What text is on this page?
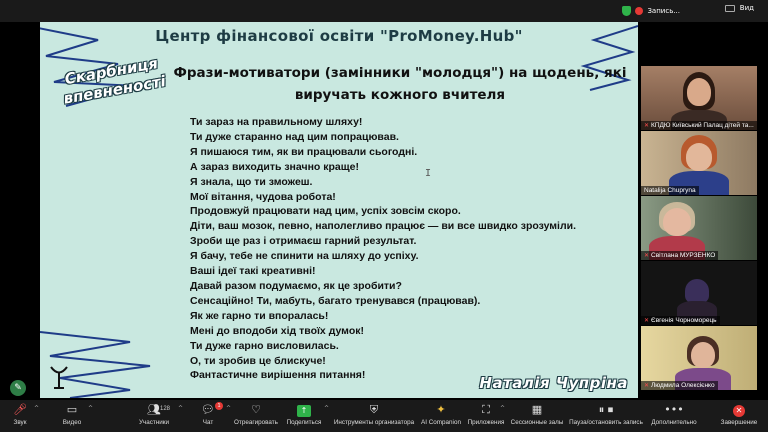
Запись...	Вид
Центр фінансової освіти "ProMoney.Hub"
Скарбниця впевненості Фрази-мотиватори (замінники "молодця") на щодень, які виручать кожного вчителя
Ти зараз на правильному шляху!
Ти дуже старанно над цим попрацював.
Я пишаюся тим, як ви працювали сьогодні.
А зараз виходить значно краще!
Я знала, що ти зможеш.
Мої вітання, чудова робота!
Продовжуй працювати над цим, успіх зовсім скоро.
Діти, ваш мозок, певно, наполегливо працює — ви все швидко зрозуміли.
Зроби ще раз і отримаєш гарний результат.
Я бачу, тебе не спинити на шляху до успіху.
Ваші ідеї такі креативні!
Давай разом подумаємо, як це зробити?
Сенсаційно! Ти, мабуть, багато тренувався (працював).
Як же гарно ти впоралась!
Мені до вподоби хід твоїх думок!
Ти дуже гарно висловилась.
О, ти зробив це блискуче!
Фантастичне вирішення питання!
I
Наталія Чупріна
✎
✕ КПДЮ Київський Палац дітей та...
Natalija Chupryna
✕ Світлана МУРЗЕНКО
✕ Євгенія Чорноморець
✕ Людмила Олексієнко
🎤︎
Звук
^	▭
Видео
^	👥︎ 128
Участники
^	💬︎ 1
Чат
^	♡
Отреагировать
↑
Поделиться
^	⛨
Инструменты организатора
✦
AI Companion
⛶
Приложения
^	▦
Сессионные залы
⏸︎ ⏹︎
Пауза/остановить запись
•••
Дополнительно
✕
Завершение
